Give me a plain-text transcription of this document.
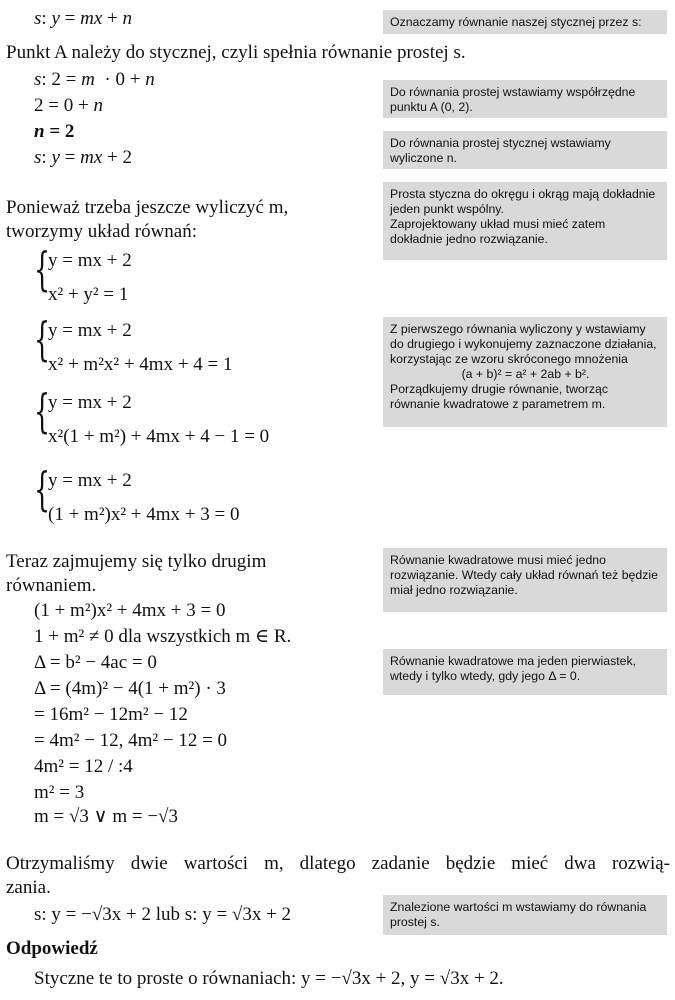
s: y = mx + n	Oznaczamy równanie naszej stycznej przez s:
Punkt A należy do stycznej, czyli spełnia równanie prostej s.
s: 2 = m  · 0 + n
2 = 0 + n
n = 2
s: y = mx + 2
Do równania prostej wstawiamy współrzędne punktu A (0, 2).
Do równania prostej stycznej wstawiamy wyliczone n.
Ponieważ trzeba jeszcze wyliczyć m,
tworzymy układ równań:
Prosta styczna do okręgu i okrąg mają dokładnie jeden punkt wspólny.
Zaprojektowany układ musi mieć zatem dokładnie jedno rozwiązanie.
{
y = mx + 2
x² + y² = 1
{
y = mx + 2
x² + m²x² + 4mx + 4 = 1
Z pierwszego równania wyliczony y wstawiamy do drugiego i wykonujemy zaznaczone działania, korzystając ze wzoru skróconego mnożenia
(a + b)² = a² + 2ab + b².
Porządkujemy drugie równanie, tworząc równanie kwadratowe z parametrem m.
{
y = mx + 2
x²(1 + m²) + 4mx + 4 − 1 = 0
{
y = mx + 2
(1 + m²)x² + 4mx + 3 = 0
Teraz zajmujemy się tylko drugim
równaniem.
Równanie kwadratowe musi mieć jedno rozwiązanie. Wtedy cały układ równań też będzie miał jedno rozwiązanie.
(1 + m²)x² + 4mx + 3 = 0
1 + m² ≠ 0 dla wszystkich m ∈ R.
Δ = b² − 4ac = 0
Δ = (4m)² − 4(1 + m²) · 3
= 16m² − 12m² − 12
= 4m² − 12, 4m² − 12 = 0
4m² = 12 / :4
m² = 3
m = √3 ∨ m = −√3
Równanie kwadratowe ma jeden pierwiastek, wtedy i tylko wtedy, gdy jego Δ = 0.
Otrzymaliśmy dwie wartości m, dlatego zadanie będzie mieć dwa rozwią-
zania.
s: y = −√3x + 2 lub s: y = √3x + 2	Znalezione wartości m wstawiamy do równania prostej s.
Odpowiedź
Styczne te to proste o równaniach: y = −√3x + 2, y = √3x + 2.
